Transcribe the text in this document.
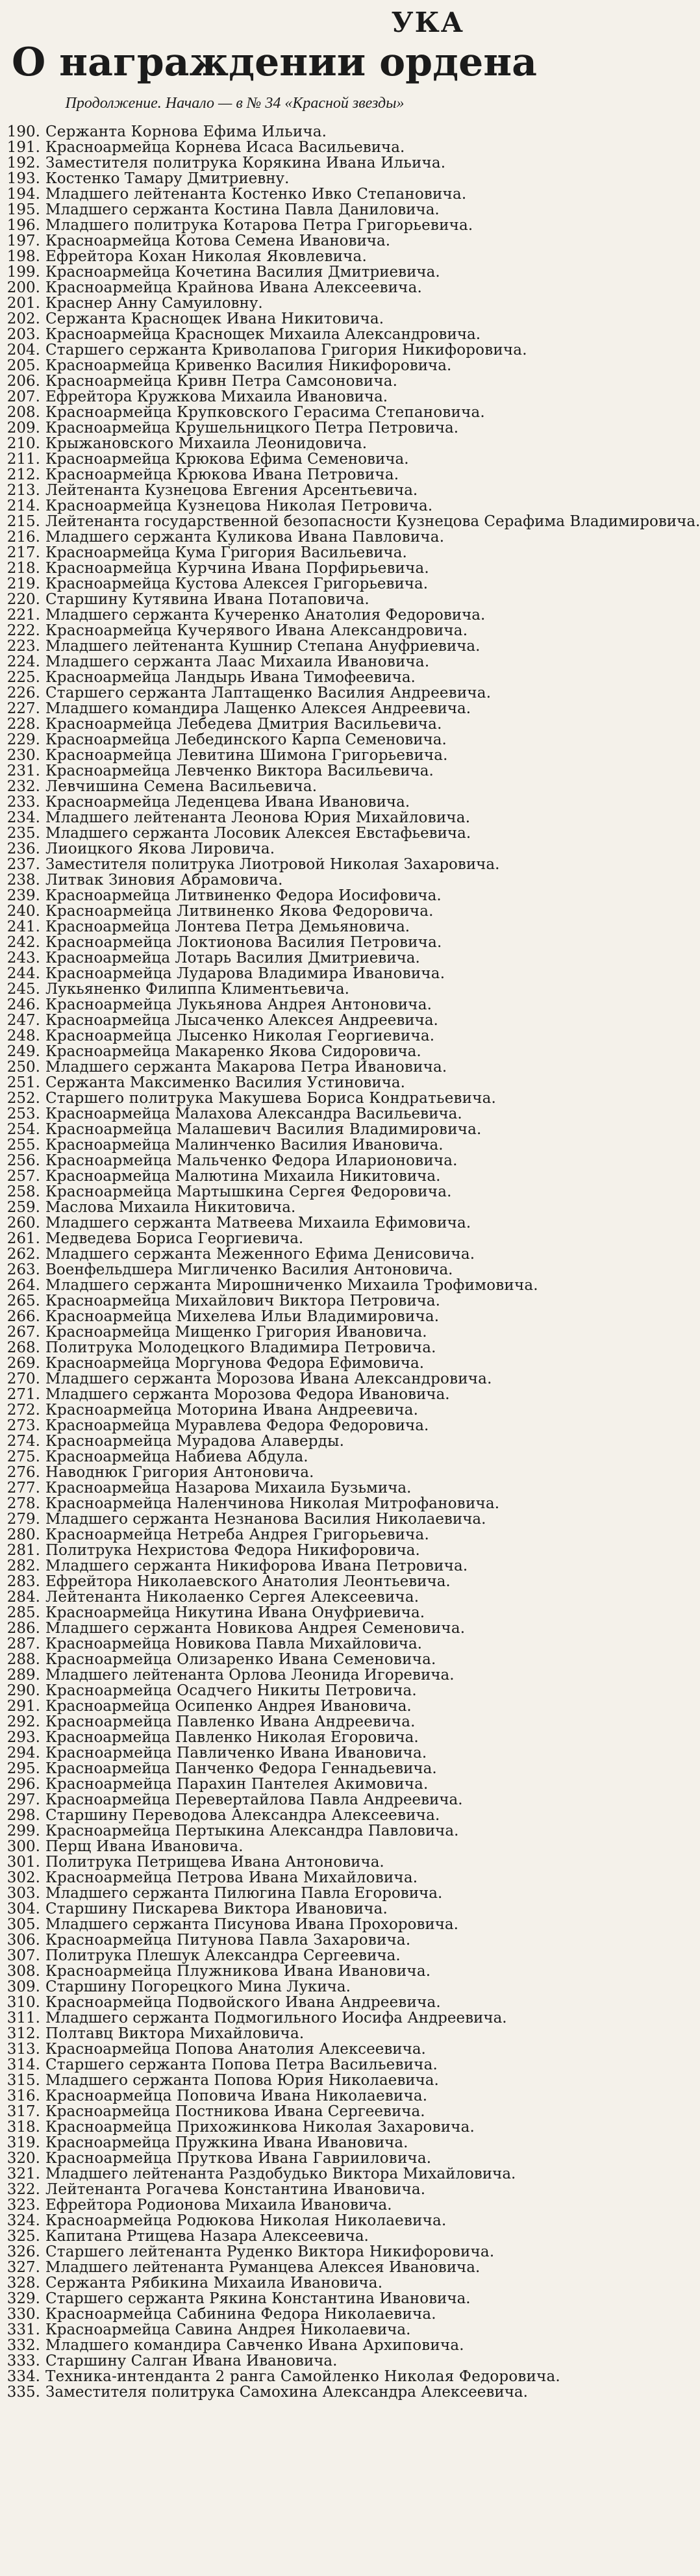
УКА
О награждении ордена
Продолжение. Начало — в № 34 «Красной звезды»
190. Сержанта Корнова Ефима Ильича.
191. Красноармейца Корнева Исаса Васильевича.
192. Заместителя политрука Корякина Ивана Ильича.
193. Костенко Тамару Дмитриевну.
194. Младшего лейтенанта Костенко Ивко Степановича.
195. Младшего сержанта Костина Павла Даниловича.
196. Младшего политрука Котарова Петра Григорьевича.
197. Красноармейца Котова Семена Ивановича.
198. Ефрейтора Кохан Николая Яковлевича.
199. Красноармейца Кочетина Василия Дмитриевича.
200. Красноармейца Крайнова Ивана Алексеевича.
201. Краснер Анну Самуиловну.
202. Сержанта Краснощек Ивана Никитовича.
203. Красноармейца Краснощек Михаила Александровича.
204. Старшего сержанта Криволапова Григория Никифоровича.
205. Красноармейца Кривенко Василия Никифоровича.
206. Красноармейца Кривн Петра Самсоновича.
207. Ефрейтора Кружкова Михаила Ивановича.
208. Красноармейца Крупковского Герасима Степановича.
209. Красноармейца Крушельницкого Петра Петровича.
210. Крыжановского Михаила Леонидовича.
211. Красноармейца Крюкова Ефима Семеновича.
212. Красноармейца Крюкова Ивана Петровича.
213. Лейтенанта Кузнецова Евгения Арсентьевича.
214. Красноармейца Кузнецова Николая Петровича.
215. Лейтенанта государственной безопасности Кузнецова Серафима Владимировича.
216. Младшего сержанта Куликова Ивана Павловича.
217. Красноармейца Кума Григория Васильевича.
218. Красноармейца Курчина Ивана Порфирьевича.
219. Красноармейца Кустова Алексея Григорьевича.
220. Старшину Кутявина Ивана Потаповича.
221. Младшего сержанта Кучеренко Анатолия Федоровича.
222. Красноармейца Кучерявого Ивана Александровича.
223. Младшего лейтенанта Кушнир Степана Ануфриевича.
224. Младшего сержанта Лаас Михаила Ивановича.
225. Красноармейца Ландырь Ивана Тимофеевича.
226. Старшего сержанта Лаптащенко Василия Андреевича.
227. Младшего командира Лащенко Алексея Андреевича.
228. Красноармейца Лебедева Дмитрия Васильевича.
229. Красноармейца Лебединского Карпа Семеновича.
230. Красноармейца Левитина Шимона Григорьевича.
231. Красноармейца Левченко Виктора Васильевича.
232. Левчишина Семена Васильевича.
233. Красноармейца Леденцева Ивана Ивановича.
234. Младшего лейтенанта Леонова Юрия Михайловича.
235. Младшего сержанта Лосовик Алексея Евстафьевича.
236. Лиоицкого Якова Лировича.
237. Заместителя политрука Лиотровой Николая Захаровича.
238. Литвак Зиновия Абрамовича.
239. Красноармейца Литвиненко Федора Иосифовича.
240. Красноармейца Литвиненко Якова Федоровича.
241. Красноармейца Лонтева Петра Демьяновича.
242. Красноармейца Локтионова Василия Петровича.
243. Красноармейца Лотарь Василия Дмитриевича.
244. Красноармейца Лударова Владимира Ивановича.
245. Лукьяненко Филиппа Климентьевича.
246. Красноармейца Лукьянова Андрея Антоновича.
247. Красноармейца Лысаченко Алексея Андреевича.
248. Красноармейца Лысенко Николая Георгиевича.
249. Красноармейца Макаренко Якова Сидоровича.
250. Младшего сержанта Макарова Петра Ивановича.
251. Сержанта Максименко Василия Устиновича.
252. Старшего политрука Макушева Бориса Кондратьевича.
253. Красноармейца Малахова Александра Васильевича.
254. Красноармейца Малашевич Василия Владимировича.
255. Красноармейца Малинченко Василия Ивановича.
256. Красноармейца Мальченко Федора Иларионовича.
257. Красноармейца Малютина Михаила Никитовича.
258. Красноармейца Мартышкина Сергея Федоровича.
259. Маслова Михаила Никитовича.
260. Младшего сержанта Матвеева Михаила Ефимовича.
261. Медведева Бориса Георгиевича.
262. Младшего сержанта Меженного Ефима Денисовича.
263. Военфельдшера Мигличенко Василия Антоновича.
264. Младшего сержанта Мирошниченко Михаила Трофимовича.
265. Красноармейца Михайлович Виктора Петровича.
266. Красноармейца Михелева Ильи Владимировича.
267. Красноармейца Мищенко Григория Ивановича.
268. Политрука Молодецкого Владимира Петровича.
269. Красноармейца Моргунова Федора Ефимовича.
270. Младшего сержанта Морозова Ивана Александровича.
271. Младшего сержанта Морозова Федора Ивановича.
272. Красноармейца Моторина Ивана Андреевича.
273. Красноармейца Муравлева Федора Федоровича.
274. Красноармейца Мурадова Алаверды.
275. Красноармейца Набиева Абдула.
276. Наводнюк Григория Антоновича.
277. Красноармейца Назарова Михаила Бузьмича.
278. Красноармейца Наленчинова Николая Митрофановича.
279. Младшего сержанта Незнанова Василия Николаевича.
280. Красноармейца Нетреба Андрея Григорьевича.
281. Политрука Нехристова Федора Никифоровича.
282. Младшего сержанта Никифорова Ивана Петровича.
283. Ефрейтора Николаевского Анатолия Леонтьевича.
284. Лейтенанта Николаенко Сергея Алексеевича.
285. Красноармейца Никутина Ивана Онуфриевича.
286. Младшего сержанта Новикова Андрея Семеновича.
287. Красноармейца Новикова Павла Михайловича.
288. Красноармейца Олизаренко Ивана Семеновича.
289. Младшего лейтенанта Орлова Леонида Игоревича.
290. Красноармейца Осадчего Никиты Петровича.
291. Красноармейца Осипенко Андрея Ивановича.
292. Красноармейца Павленко Ивана Андреевича.
293. Красноармейца Павленко Николая Егоровича.
294. Красноармейца Павличенко Ивана Ивановича.
295. Красноармейца Панченко Федора Геннадьевича.
296. Красноармейца Парахин Пантелея Акимовича.
297. Красноармейца Перевертайлова Павла Андреевича.
298. Старшину Переводова Александра Алексеевича.
299. Красноармейца Пертыкина Александра Павловича.
300. Перщ Ивана Ивановича.
301. Политрука Петрищева Ивана Антоновича.
302. Красноармейца Петрова Ивана Михайловича.
303. Младшего сержанта Пилюгина Павла Егоровича.
304. Старшину Пискарева Виктора Ивановича.
305. Младшего сержанта Писунова Ивана Прохоровича.
306. Красноармейца Питунова Павла Захаровича.
307. Политрука Плешук Александра Сергеевича.
308. Красноармейца Плужникова Ивана Ивановича.
309. Старшину Погорецкого Мина Лукича.
310. Красноармейца Подвойского Ивана Андреевича.
311. Младшего сержанта Подмогильного Иосифа Андреевича.
312. Полтавц Виктора Михайловича.
313. Красноармейца Попова Анатолия Алексеевича.
314. Старшего сержанта Попова Петра Васильевича.
315. Младшего сержанта Попова Юрия Николаевича.
316. Красноармейца Поповича Ивана Николаевича.
317. Красноармейца Постникова Ивана Сергеевича.
318. Красноармейца Прихожинкова Николая Захаровича.
319. Красноармейца Пружкина Ивана Ивановича.
320. Красноармейца Пруткова Ивана Гаврииловича.
321. Младшего лейтенанта Раздобудько Виктора Михайловича.
322. Лейтенанта Рогачева Константина Ивановича.
323. Ефрейтора Родионова Михаила Ивановича.
324. Красноармейца Родюкова Николая Николаевича.
325. Капитана Ртищева Назара Алексеевича.
326. Старшего лейтенанта Руденко Виктора Никифоровича.
327. Младшего лейтенанта Руманцева Алексея Ивановича.
328. Сержанта Рябикина Михаила Ивановича.
329. Старшего сержанта Рякина Константина Ивановича.
330. Красноармейца Сабинина Федора Николаевича.
331. Красноармейца Савина Андрея Николаевича.
332. Младшего командира Савченко Ивана Архиповича.
333. Старшину Салган Ивана Ивановича.
334. Техника-интенданта 2 ранга Самойленко Николая Федоровича.
335. Заместителя политрука Самохина Александра Алексеевича.
